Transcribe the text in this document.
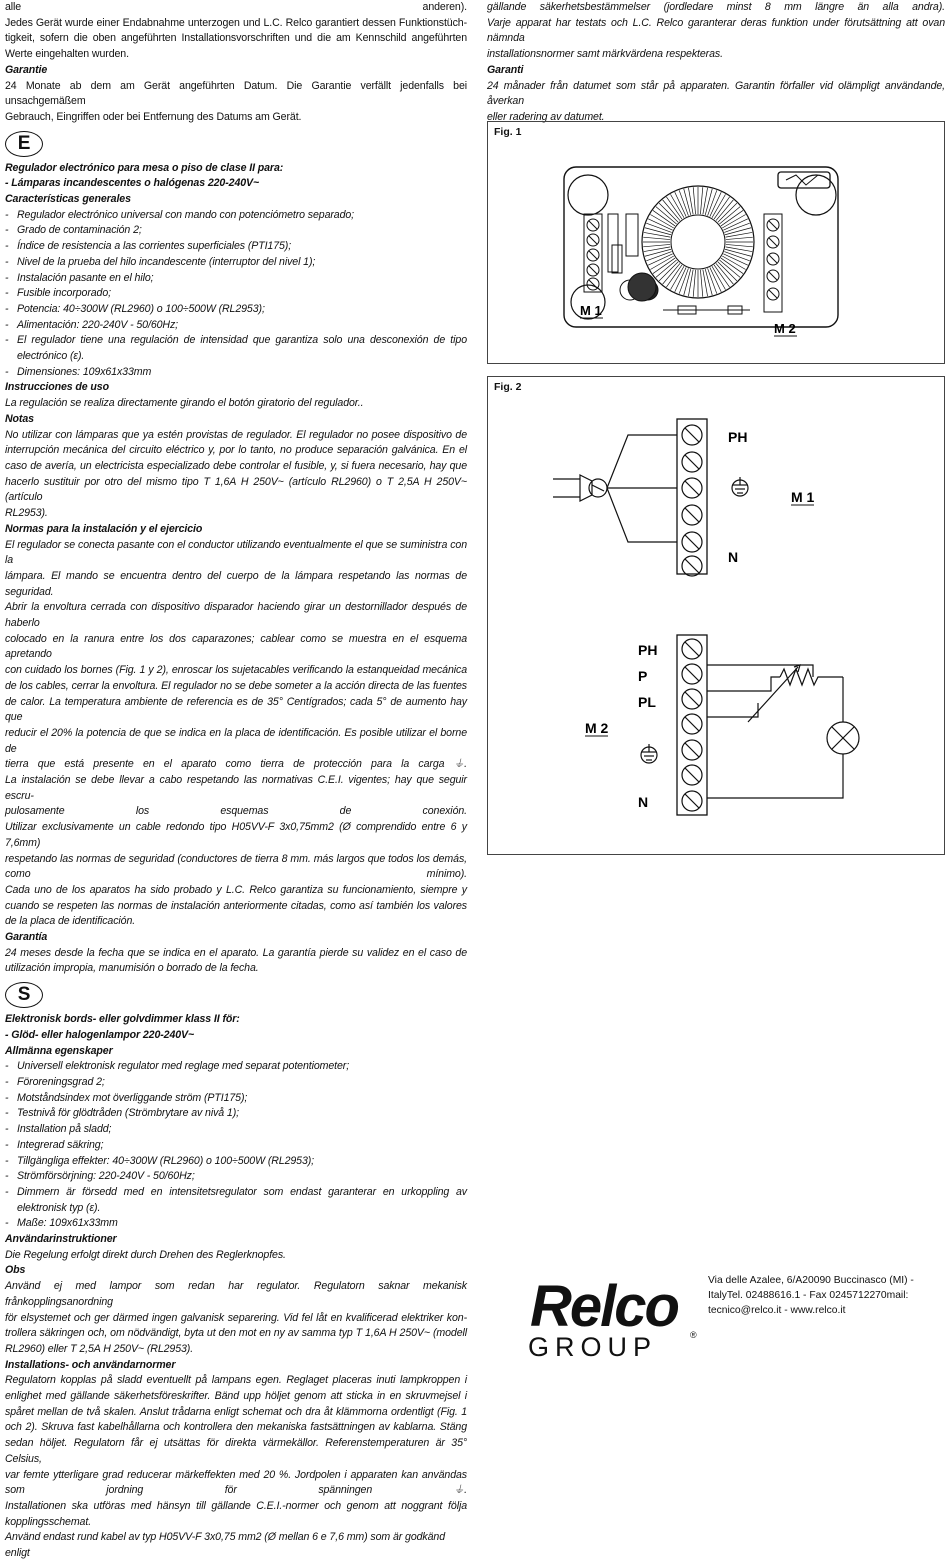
alle anderen).
Jedes Gerät wurde einer Endabnahme unterzogen und L.C. Relco garantiert dessen Funktionstüch-
tigkeit, sofern die oben angeführten Installationsvorschriften und die am Kennschild angeführten
Werte eingehalten wurden.
Garantie
24 Monate ab dem am Gerät angeführten Datum. Die Garantie verfällt jedenfalls bei unsachgemäßem
Gebrauch, Eingriffen oder bei Entfernung des Datums am Gerät.
E
Regulador electrónico para mesa o piso de clase II para:
- Lámparas incandescentes o halógenas 220-240V~
Características generales
- Regulador electrónico universal con mando con potenciómetro separado;
- Grado de contaminación 2;
- Índice de resistencia a las corrientes superficiales (PTI175);
- Nivel de la prueba del hilo incandescente (interruptor del nivel 1);
- Instalación pasante en el hilo;
- Fusible incorporado;
- Potencia: 40÷300W (RL2960) o 100÷500W (RL2953);
- Alimentación: 220-240V - 50/60Hz;
- El regulador tiene una regulación de intensidad que garantiza solo una desconexión de tipo electrónico (ε).
- Dimensiones: 109x61x33mm
Instrucciones de uso
La regulación se realiza directamente girando el botón giratorio del regulador..
Notas
No utilizar con lámparas que ya estén provistas de regulador. El regulador no posee dispositivo de
interrupción mecánica del circuito eléctrico y, por lo tanto, no produce separación galvánica. En el
caso de avería, un electricista especializado debe controlar el fusible, y, si fuera necesario, hay que
hacerlo sustituir por otro del mismo tipo T 1,6A H 250V~ (artículo RL2960) o T 2,5A H 250V~ (artículo
RL2953).
Normas para la instalación y el ejercicio
El regulador se conecta pasante con el conductor utilizando eventualmente el que se suministra con la
lámpara. El mando se encuentra dentro del cuerpo de la lámpara respetando las normas de seguridad.
Abrir la envoltura cerrada con dispositivo disparador haciendo girar un destornillador después de haberlo
colocado en la ranura entre los dos caparazones; cablear como se muestra en el esquema apretando
con cuidado los bornes (Fig. 1 y 2), enroscar los sujetacables verificando la estanqueidad mecánica
de los cables, cerrar la envoltura. El regulador no se debe someter a la acción directa de las fuentes
de calor. La temperatura ambiente de referencia es de 35° Centígrados; cada 5° de aumento hay que
reducir el 20% la potencia de que se indica en la placa de identificación. Es posible utilizar el borne de
tierra que está presente en el aparato como tierra de protección para la carga ⏚.
La instalación se debe llevar a cabo respetando las normativas C.E.I. vigentes; hay que seguir escru-
pulosamente los esquemas de conexión.
Utilizar exclusivamente un cable redondo tipo H05VV-F 3x0,75mm2 (Ø comprendido entre 6 y 7,6mm)
respetando las normas de seguridad (conductores de tierra 8 mm. más largos que todos los demás,
como mínimo).
Cada uno de los aparatos ha sido probado y L.C. Relco garantiza su funcionamiento, siempre y
cuando se respeten las normas de instalación anteriormente citadas, como así también los valores
de la placa de identificación.
Garantía
24 meses desde la fecha que se indica en el aparato. La garantía pierde su validez en el caso de
utilización impropia, manumisión o borrado de la fecha.
S
Elektronisk bords- eller golvdimmer klass II för:
- Glöd- eller halogenlampor 220-240V~
Allmänna egenskaper
- Universell elektronisk regulator med reglage med separat potentiometer;
- Föroreningsgrad 2;
- Motståndsindex mot överliggande ström (PTI175);
- Testnivå för glödtråden (Strömbrytare av nivå 1);
- Installation på sladd;
- Integrerad säkring;
- Tillgängliga effekter: 40÷300W (RL2960) o 100÷500W (RL2953);
- Strömförsörjning: 220-240V - 50/60Hz;
- Dimmern är försedd med en intensitetsregulator som endast garanterar en urkoppling av elektronisk typ (ε).
- Maße: 109x61x33mm
Användarinstruktioner
Die Regelung erfolgt direkt durch Drehen des Reglerknopfes.
Obs
Använd ej med lampor som redan har regulator. Regulatorn saknar mekanisk frånkopplingsanordning
för elsystemet och ger därmed ingen galvanisk separering. Vid fel låt en kvalificerad elektriker kon-
trollera säkringen och, om nödvändigt, byta ut den mot en ny av samma typ T 1,6A H 250V~ (modell
RL2960) eller T 2,5A H 250V~ (RL2953).
Installations- och användarnormer
Regulatorn kopplas på sladd eventuellt på lampans egen. Reglaget placeras inuti lampkroppen i
enlighet med gällande säkerhetsföreskrifter. Bänd upp höljet genom att sticka in en skruvmejsel i
spåret mellan de två skalen. Anslut trådarna enligt schemat och dra åt klämmorna ordentligt (Fig. 1
och 2). Skruva fast kabelhållarna och kontrollera den mekaniska fastsättningen av kablarna. Stäng
sedan höljet. Regulatorn får ej utsättas för direkta värmekällor. Referenstemperaturen är 35° Celsius,
var femte ytterligare grad reducerar märkeffekten med 20 %. Jordpolen i apparaten kan användas
som jordning för spänningen ⏚.
Installationen ska utföras med hänsyn till gällande C.E.I.-normer och genom att noggrant följa
kopplingsschemat.
Använd endast rund kabel av typ H05VV-F 3x0,75 mm2 (Ø mellan 6 e 7,6 mm) som är godkänd enligt
gällande säkerhetsbestämmelser (jordledare minst 8 mm längre än alla andra).
Varje apparat har testats och L.C. Relco garanterar deras funktion under förutsättning att ovan nämnda
installationsnormer samt märkvärdena respekteras.
Garanti
24 månader från datumet som står på apparaten. Garantin förfaller vid olämpligt användande, åverkan
eller radering av datumet.
Fig. 1
M 1
M 2
Fig. 2
PH
M 1
N
PH
P
PL
M 2
N
Relco
GROUP	®
Via delle Azalee, 6/A20090 Buccinasco (MI) - ItalyTel. 02488616.1 - Fax 0245712270mail: tecnico@relco.it - www.relco.it
